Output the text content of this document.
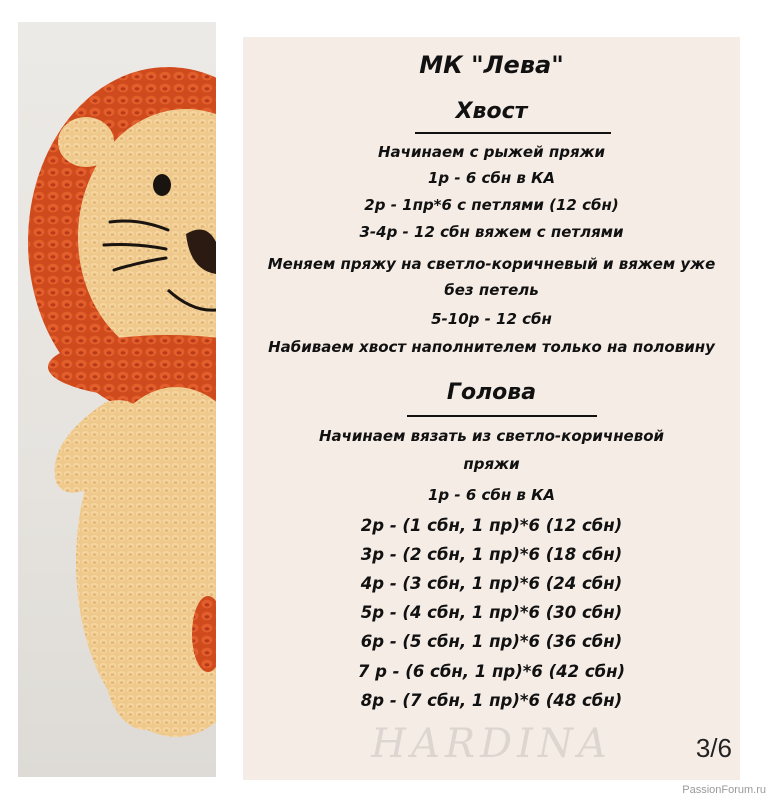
МК "Лева"
Хвост
Начинаем с рыжей пряжи
1р - 6 сбн в КА
2р - 1пр*6 с петлями (12 сбн)
3-4р - 12 сбн вяжем с петлями
Меняем пряжу на светло-коричневый и вяжем уже
без петель
5-10р - 12 сбн
Набиваем хвост наполнителем только на половину
Голова
Начинаем вязать из светло-коричневой
пряжи
1р - 6 сбн в КА
2р - (1 сбн, 1 пр)*6 (12 сбн)
3р - (2 сбн, 1 пр)*6 (18 сбн)
4р - (3 сбн, 1 пр)*6 (24 сбн)
5р - (4 сбн, 1 пр)*6 (30 сбн)
6р - (5 сбн, 1 пр)*6 (36 сбн)
7 р - (6 сбн, 1 пр)*6 (42 сбн)
8р - (7 сбн, 1 пр)*6 (48 сбн)
HARDINA	3/6
PassionForum.ru
